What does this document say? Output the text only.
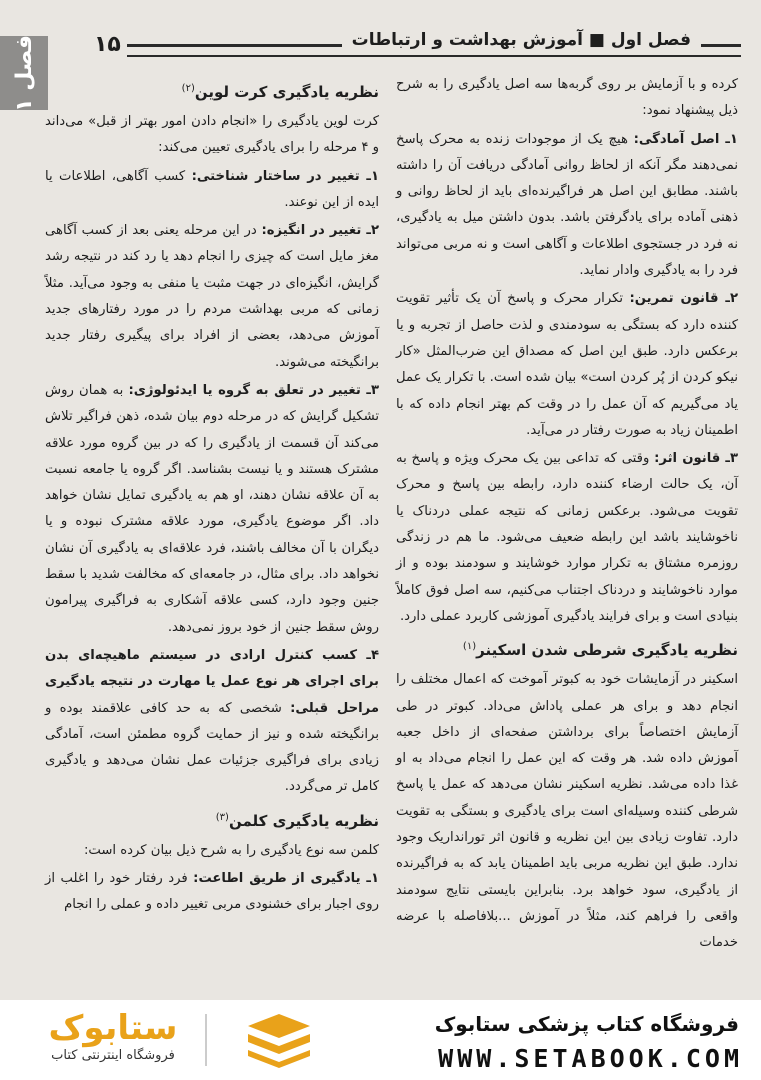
فصل اول ■ آموزش بهداشت و ارتباطات
۱۵
فصل ۱	کرده و با آزمایش بر روی گربه‌ها سه اصل یادگیری را به شرح ذیل پیشنهاد نمود:

۱ـ اصل آمادگی: هیچ یک از موجودات زنده به محرک پاسخ نمی‌دهند مگر آنکه از لحاظ روانی آمادگی دریافت آن را داشته باشند. مطابق این اصل هر فراگیرنده‌ای باید از لحاظ روانی و ذهنی آماده برای یادگرفتن باشد. بدون داشتن میل به یادگیری، نه فرد در جستجوی اطلاعات و آگاهی است و نه مربی می‌تواند فرد را به یادگیری وادار نماید.

۲ـ قانون تمرین: تکرار محرک و پاسخ آن یک تأثیر تقویت کننده دارد که بستگی به سودمندی و لذت حاصل از تجربه و یا برعکس دارد. طبق این اصل که مصداق این ضرب‌المثل «کار نیکو کردن از پُر کردن است» بیان شده است. با تکرار یک عمل یاد می‌گیریم که آن عمل را در وقت کم بهتر انجام داده که با اطمینان زیاد به صورت رفتار در می‌آید.

۳ـ قانون اثر: وقتی که تداعی بین یک محرک ویژه و پاسخ به آن، یک حالت ارضاء کننده دارد، رابطه بین پاسخ و محرک تقویت می‌شود. برعکس زمانی که نتیجه عملی دردناک یا ناخوشایند باشد این رابطه ضعیف می‌شود. ما هم در زندگی روزمره مشتاق به تکرار موارد خوشایند و سودمند بوده و از موارد ناخوشایند و دردناک اجتناب می‌کنیم، سه اصل فوق کاملاً بنیادی است و برای فرایند یادگیری آموزشی کاربرد عملی دارد.

نظریه یادگیری شرطی شدن اسکینر$^{(۱)}$

اسکینر در آزمایشات خود به کبوتر آموخت که اعمال مختلف را انجام دهد و برای هر عملی پاداش می‌داد. کبوتر در طی آزمایش اختصاصاً برای برداشتن صفحه‌ای از داخل جعبه آموزش داده شد. هر وقت که این عمل را انجام می‌داد به او غذا داده می‌شد. نظریه اسکینر نشان می‌دهد که عمل یا پاسخ شرطی کننده وسیله‌ای است برای یادگیری و بستگی به تقویت دارد. تفاوت زیادی بین این نظریه و قانون اثر تورانداریک وجود ندارد. طبق این نظریه مربی باید اطمینان یابد که به فراگیرنده از یادگیری، سود خواهد برد. بنابراین بایستی نتایج سودمند واقعی را فراهم کند، مثلاً در آموزش ...بلافاصله با عرضه خدمات

نظریه یادگیری کرت لوین$^{(۲)}$

کرت لوین یادگیری را «انجام دادن امور بهتر از قبل» می‌داند و ۴ مرحله را برای یادگیری تعیین می‌کند:

۱ـ تغییر در ساختار شناختی: کسب آگاهی، اطلاعات یا ایده از این نوعند.

۲ـ تغییر در انگیزه: در این مرحله یعنی بعد از کسب آگاهی مغز مایل است که چیزی را انجام دهد یا رد کند در نتیجه رشد گرایش، انگیزه‌ای در جهت مثبت یا منفی به وجود می‌آید. مثلاً زمانی که مربی بهداشت مردم را در مورد رفتارهای جدید آموزش می‌دهد، بعضی از افراد برای پیگیری رفتار جدید برانگیخته می‌شوند.

۳ـ تغییر در تعلق به گروه یا ایدئولوژی: به همان روش تشکیل گرایش که در مرحله دوم بیان شده، ذهن فراگیر تلاش می‌کند آن قسمت از یادگیری را که در بین گروه مورد علاقه مشترک هستند و یا نیست بشناسد. اگر گروه یا جامعه نسبت به آن علاقه نشان دهند، او هم به یادگیری تمایل نشان خواهد داد. اگر موضوع یادگیری، مورد علاقه مشترک نبوده و یا دیگران با آن مخالف باشند، فرد علاقه‌ای به یادگیری آن نشان نخواهد داد. برای مثال، در جامعه‌ای که مخالفت شدید با سقط جنین وجود دارد، کسی علاقه آشکاری به فراگیری پیرامون روش سقط جنین از خود بروز نمی‌دهد.

۴ـ کسب کنترل ارادی در سیستم ماهیچه‌ای بدن برای اجرای هر نوع عمل یا مهارت در نتیجه یادگیری مراحل قبلی: شخصی که به حد کافی علاقمند بوده و برانگیخته شده و نیز از حمایت گروه مطمئن است، آمادگی زیادی برای فراگیری جزئیات عمل نشان می‌دهد و یادگیری کامل تر می‌گردد.

نظریه یادگیری کلمن$^{(۳)}$

کلمن سه نوع یادگیری را به شرح ذیل بیان کرده است:

۱ـ یادگیری از طریق اطاعت: فرد رفتار خود را اغلب از روی اجبار برای خشنودی مربی تغییر داده و عملی را انجام

ستابوک
فروشگاه اینترنتی کتاب
فروشگاه کتاب پزشکی ستابوک
WWW.SETABOOK.COM
